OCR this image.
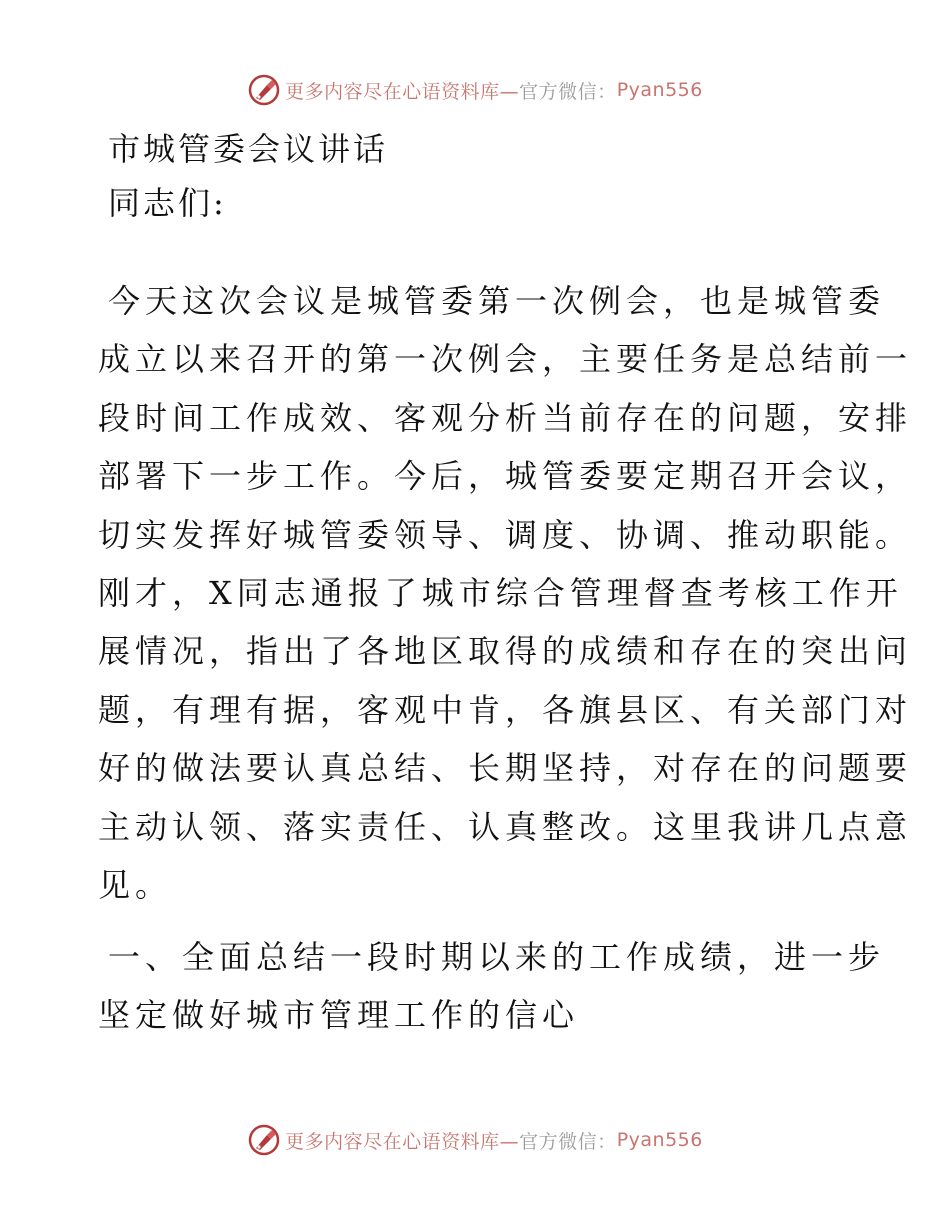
更多内容尽在心语资料库— 官方微信： Pyan556
市城管委会议讲话
同志们:
今天这次会议是城管委第一次例会，也是城管委
成立以来召开的第一次例会，主要任务是总结前一
段时间工作成效、客观分析当前存在的问题，安排
部署下一步工作。今后，城管委要定期召开会议，
切实发挥好城管委领导、调度、协调、推动职能。
刚才，X同志通报了城市综合管理督查考核工作开
展情况，指出了各地区取得的成绩和存在的突出问
题，有理有据，客观中肯，各旗县区、有关部门对
好的做法要认真总结、长期坚持，对存在的问题要
主动认领、落实责任、认真整改。这里我讲几点意
见。
一、全面总结一段时期以来的工作成绩，进一步
坚定做好城市管理工作的信心
更多内容尽在心语资料库— 官方微信： Pyan556
